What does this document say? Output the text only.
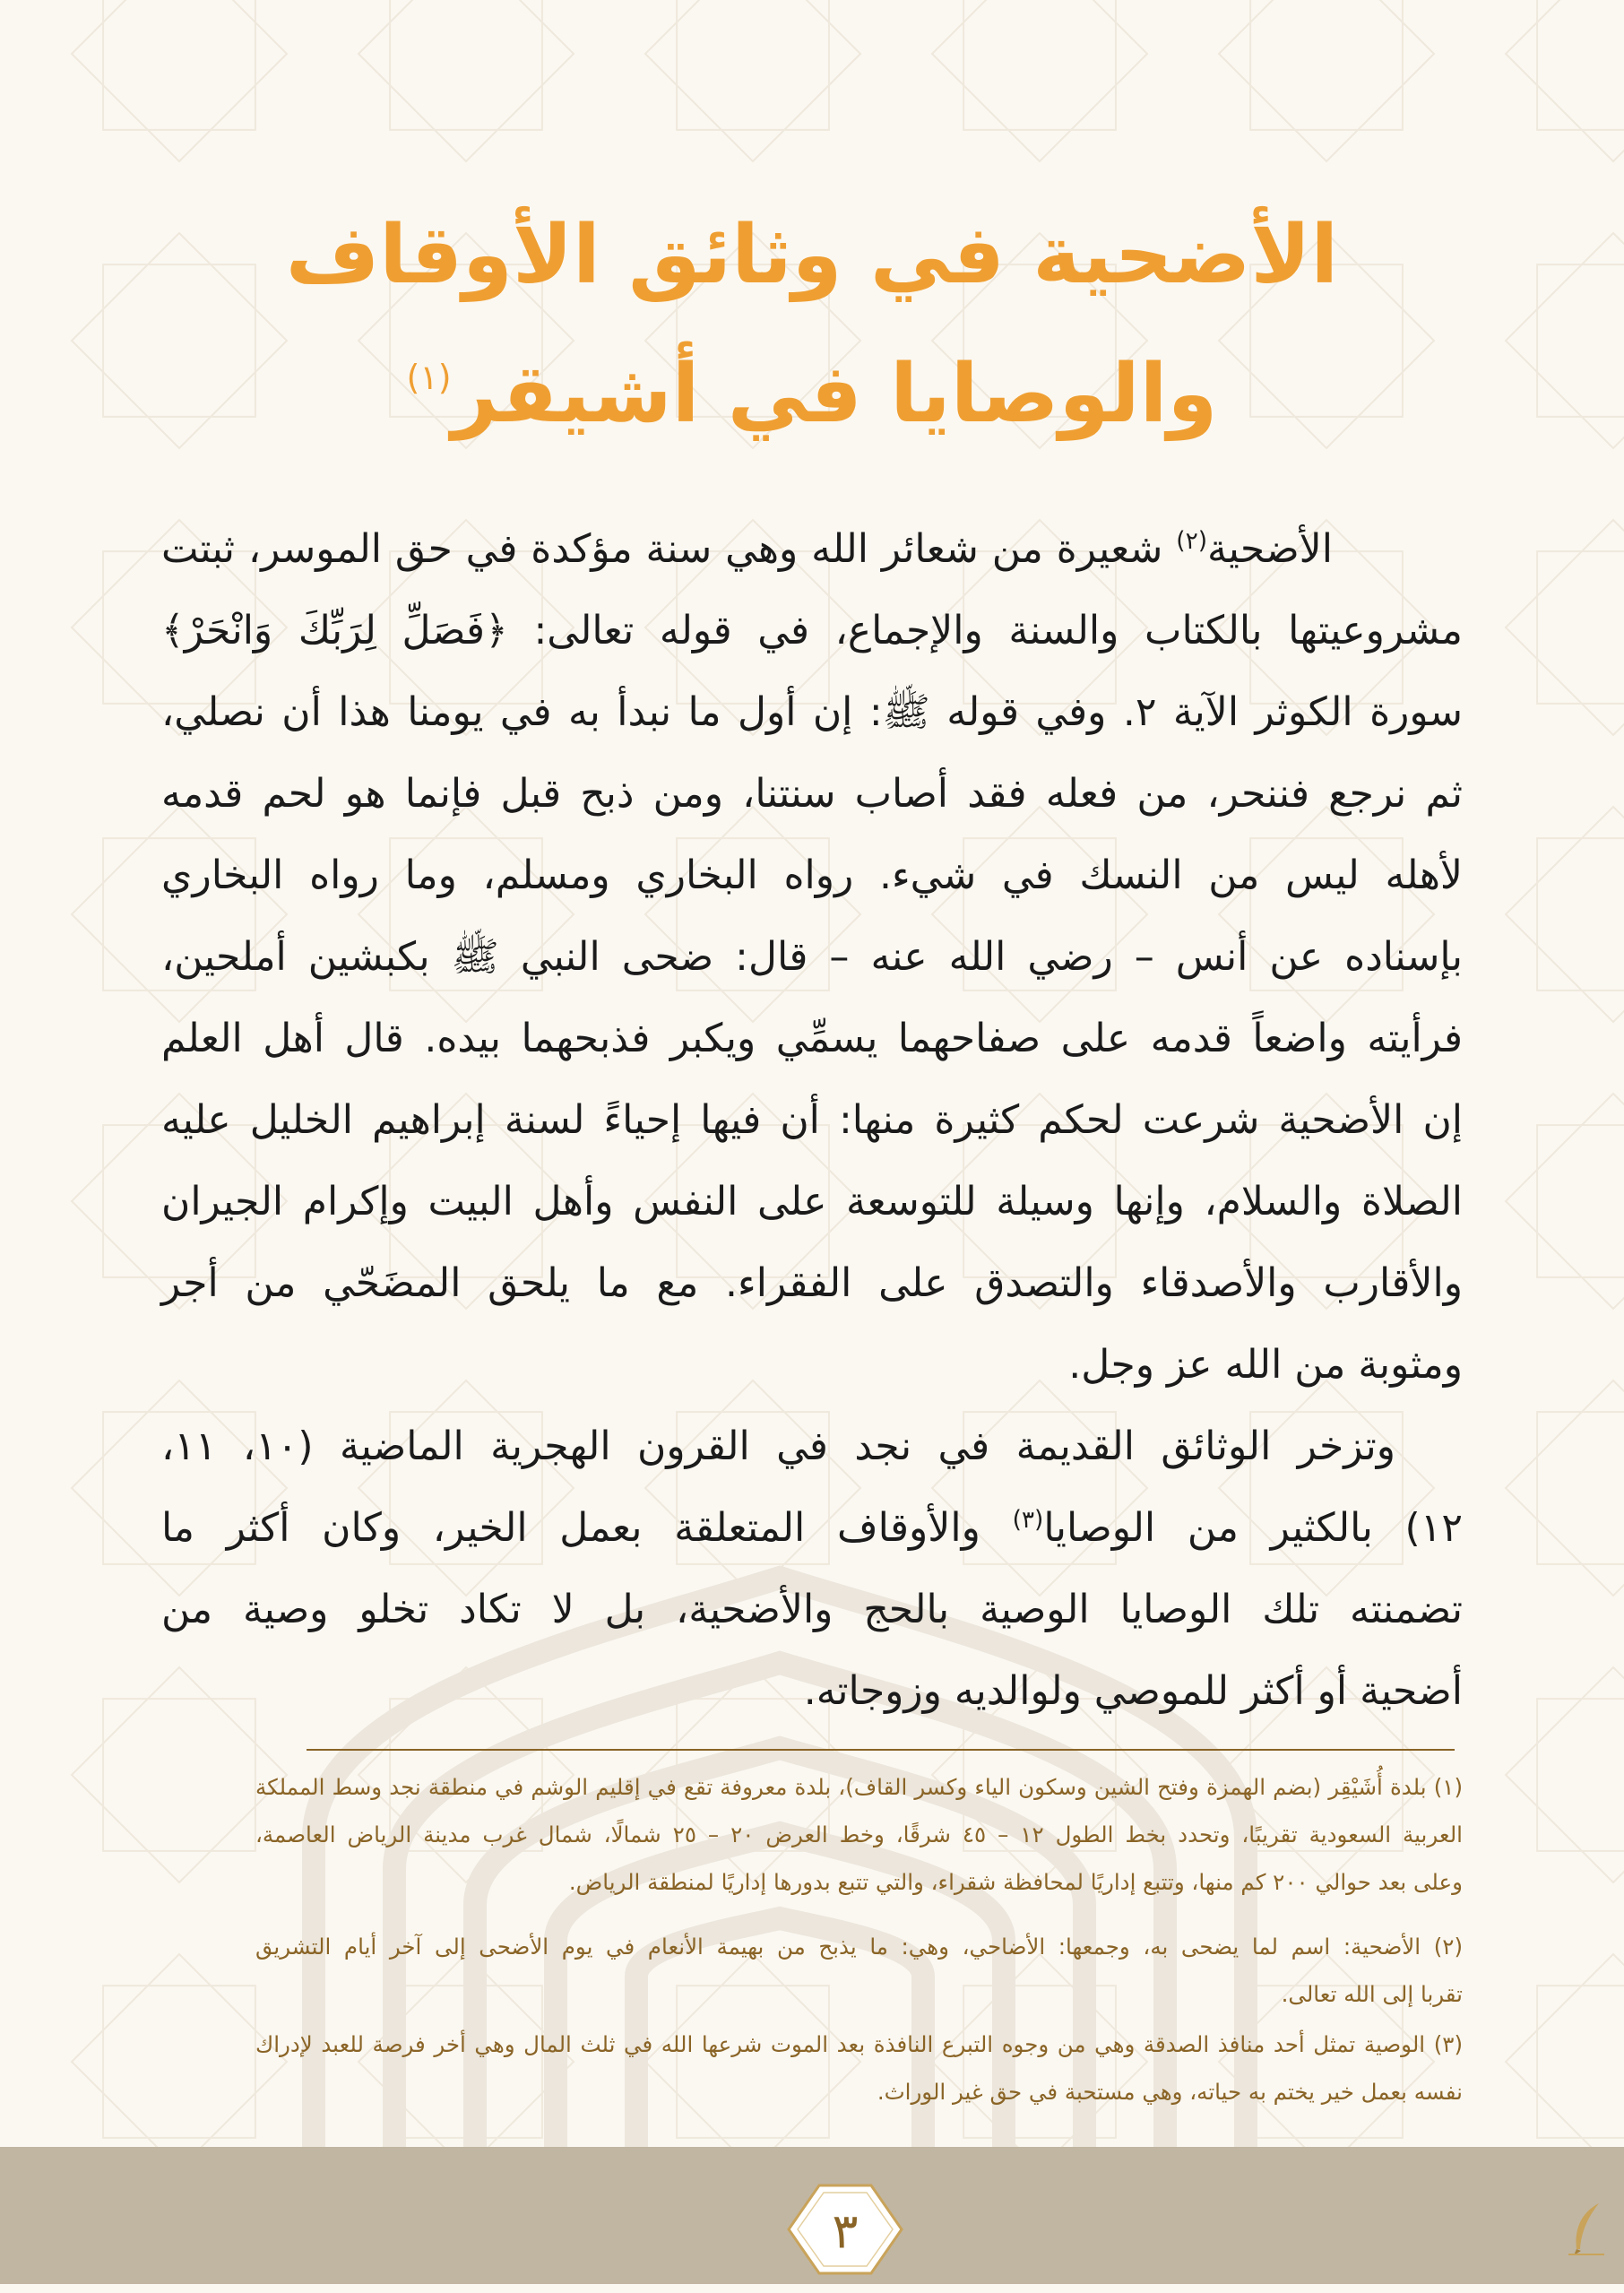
الأضحية في وثائق الأوقاف
والوصايا في أشيقر$^{(١)}$
الأضحية$^{(٢)}$ شعيرة من شعائر الله وهي سنة مؤكدة في حق الموسر، ثبتت
مشروعيتها بالكتاب والسنة والإجماع، في قوله تعالى: ﴿فَصَلِّ لِرَبِّكَ وَانْحَرْ﴾
سورة الكوثر الآية ٢. وفي قوله ﷺ: إن أول ما نبدأ به في يومنا هذا أن نصلي،
ثم نرجع فننحر، من فعله فقد أصاب سنتنا، ومن ذبح قبل فإنما هو لحم قدمه
لأهله ليس من النسك في شيء. رواه البخاري ومسلم، وما رواه البخاري
بإسناده عن أنس – رضي الله عنه – قال: ضحى النبي ﷺ بكبشين أملحين،
فرأيته واضعاً قدمه على صفاحهما يسمِّي ويكبر فذبحهما بيده. قال أهل العلم
إن الأضحية شرعت لحكم كثيرة منها: أن فيها إحياءً لسنة إبراهيم الخليل عليه
الصلاة والسلام، وإنها وسيلة للتوسعة على النفس وأهل البيت وإكرام الجيران
والأقارب والأصدقاء والتصدق على الفقراء. مع ما يلحق المضَحّي من أجر
ومثوبة من الله عز وجل.
وتزخر الوثائق القديمة في نجد في القرون الهجرية الماضية (١٠، ١١،
١٢) بالكثير من الوصايا$^{(٣)}$ والأوقاف المتعلقة بعمل الخير، وكان أكثر ما
تضمنته تلك الوصايا الوصية بالحج والأضحية، بل لا تكاد تخلو وصية من
أضحية أو أكثر للموصي ولوالديه وزوجاته.
(١) بلدة أُشَيْقِر (بضم الهمزة وفتح الشين وسكون الياء وكسر القاف)، بلدة معروفة تقع في إقليم الوشم في منطقة نجد وسط المملكة
العربية السعودية تقريبًا، وتحدد بخط الطول ١٢ – ٤٥ شرقًا، وخط العرض ٢٠ – ٢٥ شمالًا، شمال غرب مدينة الرياض العاصمة،
وعلى بعد حوالي ٢٠٠ كم منها، وتتبع إداريًا لمحافظة شقراء، والتي تتبع بدورها إداريًا لمنطقة الرياض.
(٢) الأضحية: اسم لما يضحى به، وجمعها: الأضاحي، وهي: ما يذبح من بهيمة الأنعام في يوم الأضحى إلى آخر أيام التشريق
تقربا إلى الله تعالى.
(٣) الوصية تمثل أحد منافذ الصدقة وهي من وجوه التبرع النافذة بعد الموت شرعها الله في ثلث المال وهي أخر فرصة للعبد لإدراك
نفسه بعمل خير يختم به حياته، وهي مستحبة في حق غير الوراث.
٣
